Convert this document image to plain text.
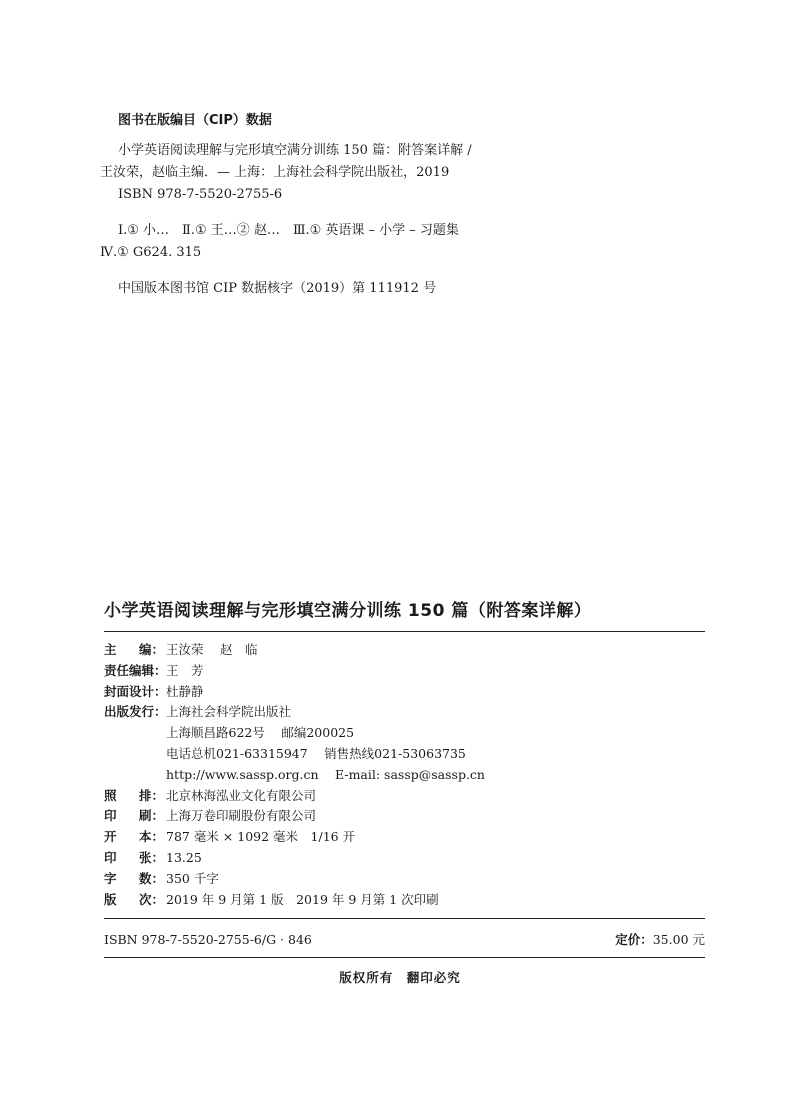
图书在版编目（CIP）数据
小学英语阅读理解与完形填空满分训练 150 篇：附答案详解 /
王汝荣，赵临主编．— 上海：上海社会科学院出版社，2019
ISBN 978-7-5520-2755-6
Ⅰ.① 小…　Ⅱ.① 王…② 赵…　Ⅲ.① 英语课 – 小学 – 习题集
Ⅳ.① G624. 315
中国版本图书馆 CIP 数据核字（2019）第 111912 号
小学英语阅读理解与完形填空满分训练 150 篇（附答案详解）
主 编： 王汝荣　 赵　临
责任编辑： 王　芳
封面设计： 杜静静
出版发行： 上海社会科学院出版社
上海顺昌路622号　 邮编200025
电话总机021-63315947　 销售热线021-53063735
http://www.sassp.org.cn　 E-mail: sassp@sassp.cn
照 排： 北京林海泓业文化有限公司
印 刷： 上海万卷印刷股份有限公司
开 本： 787 毫米 × 1092 毫米　1/16 开
印 张： 13.25
字 数： 350 千字
版 次： 2019 年 9 月第 1 版　2019 年 9 月第 1 次印刷
ISBN 978-7-5520-2755-6/G · 846	定价：35.00 元
版权所有　翻印必究
